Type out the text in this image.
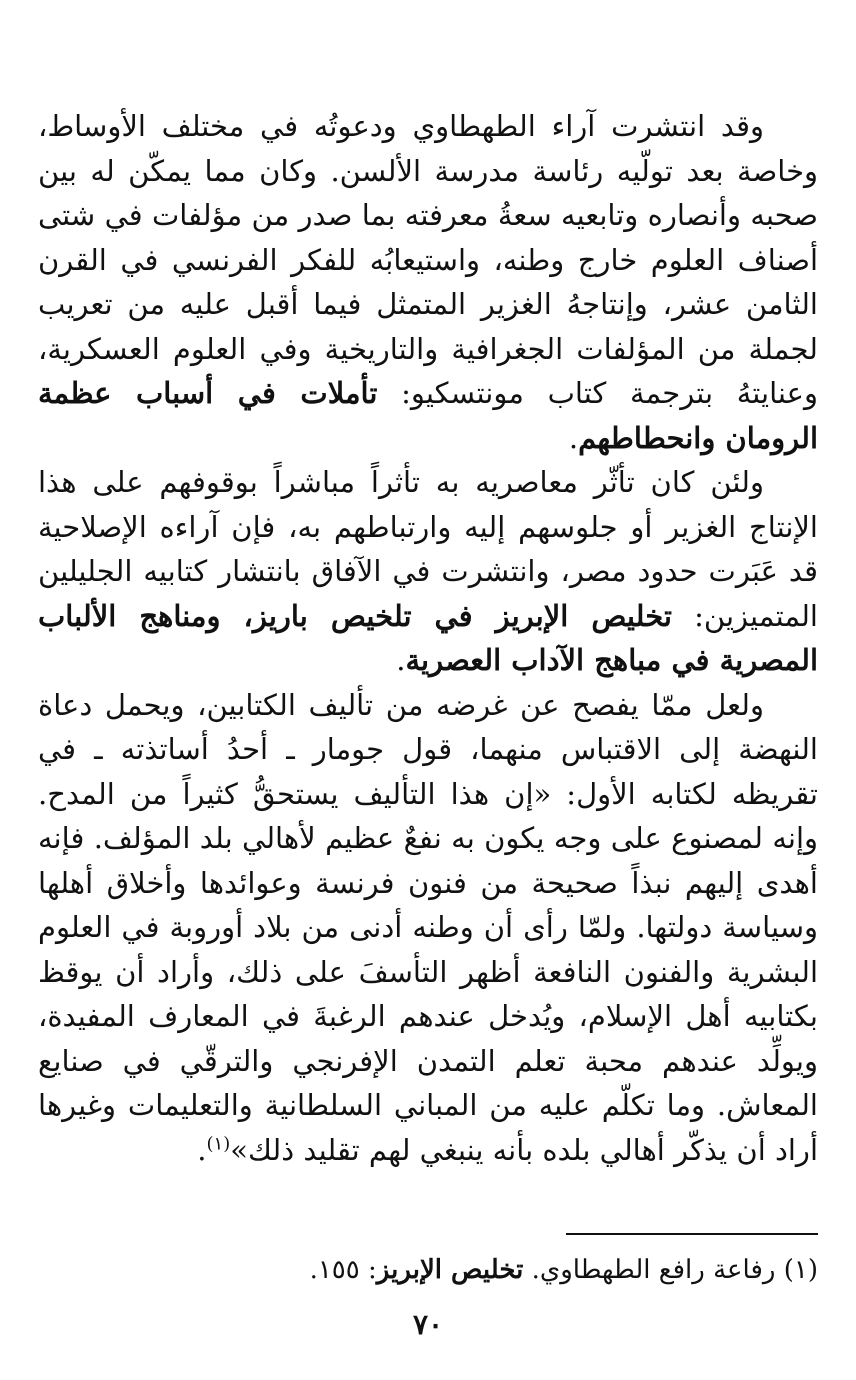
وقد انتشرت آراء الطهطاوي ودعوتُه في مختلف الأوساط، وخاصة بعد تولّيه رئاسة مدرسة الألسن. وكان مما يمكّن له بين صحبه وأنصاره وتابعيه سعةُ معرفته بما صدر من مؤلفات في شتى أصناف العلوم خارج وطنه، واستيعابُه للفكر الفرنسي في القرن الثامن عشر، وإنتاجهُ الغزير المتمثل فيما أقبل عليه من تعريب لجملة من المؤلفات الجغرافية والتاريخية وفي العلوم العسكرية، وعنايتهُ بترجمة كتاب مونتسكيو: تأملات في أسباب عظمة الرومان وانحطاطهم.

ولئن كان تأثّر معاصريه به تأثراً مباشراً بوقوفهم على هذا الإنتاج الغزير أو جلوسهم إليه وارتباطهم به، فإن آراءه الإصلاحية قد عَبَرت حدود مصر، وانتشرت في الآفاق بانتشار كتابيه الجليلين المتميزين: تخليص الإبريز في تلخيص باريز، ومناهج الألباب المصرية في مباهج الآداب العصرية.

ولعل ممّا يفصح عن غرضه من تأليف الكتابين، ويحمل دعاة النهضة إلى الاقتباس منهما، قول جومار ـ أحدُ أساتذته ـ في تقريظه لكتابه الأول: «إن هذا التأليف يستحقُّ كثيراً من المدح. وإنه لمصنوع على وجه يكون به نفعٌ عظيم لأهالي بلد المؤلف. فإنه أهدى إليهم نبذاً صحيحة من فنون فرنسة وعوائدها وأخلاق أهلها وسياسة دولتها. ولمّا رأى أن وطنه أدنى من بلاد أوروبة في العلوم البشرية والفنون النافعة أظهر التأسفَ على ذلك، وأراد أن يوقظ بكتابيه أهل الإسلام، ويُدخل عندهم الرغبةَ في المعارف المفيدة، ويولِّد عندهم محبة تعلم التمدن الإفرنجي والترقّي في صنايع المعاش. وما تكلّم عليه من المباني السلطانية والتعليمات وغيرها أراد أن يذكّر أهالي بلده بأنه ينبغي لهم تقليد ذلك»$^{(١)}$.

(١) رفاعة رافع الطهطاوي. تخليص الإبريز: ١٥٥.

٧٠
